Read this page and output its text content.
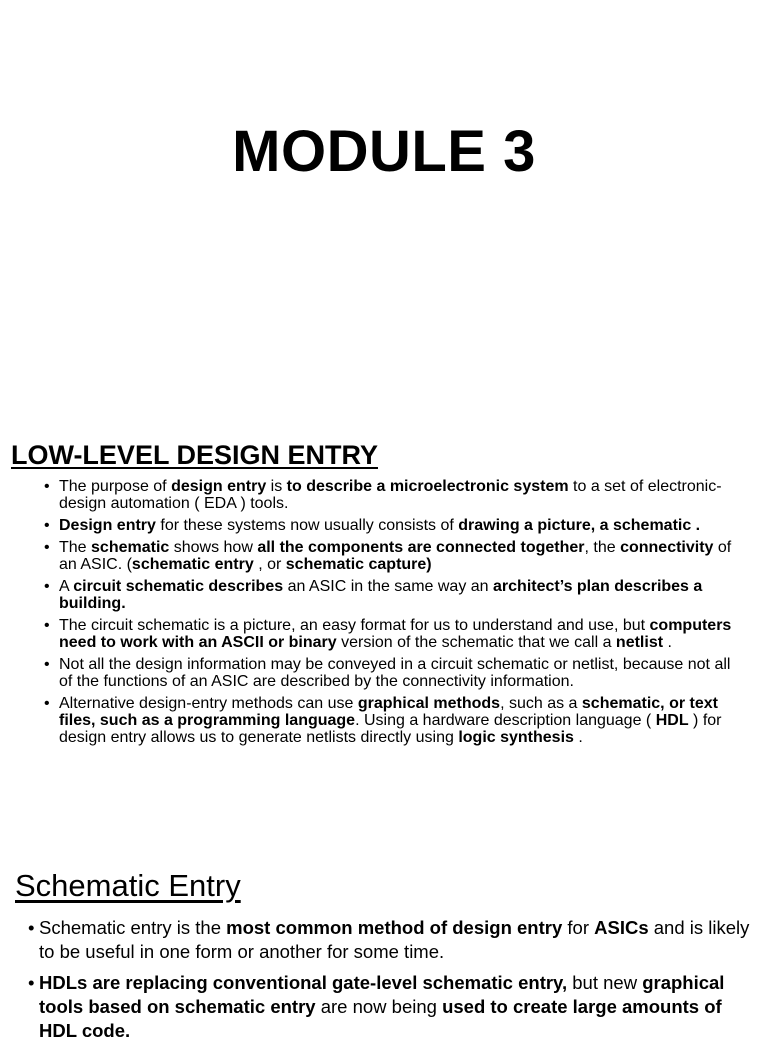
MODULE 3
LOW-LEVEL DESIGN ENTRY
• The purpose of design entry is to describe a microelectronic system to a set of electronic-design automation ( EDA ) tools.
• Design entry for these systems now usually consists of drawing a picture, a schematic .
• The schematic shows how all the components are connected together, the connectivity of an ASIC. (schematic entry , or schematic capture)
• A circuit schematic describes an ASIC in the same way an architect’s plan describes a building.
• The circuit schematic is a picture, an easy format for us to understand and use, but computers need to work with an ASCII or binary version of the schematic that we call a netlist .
• Not all the design information may be conveyed in a circuit schematic or netlist, because not all of the functions of an ASIC are described by the connectivity information.
• Alternative design-entry methods can use graphical methods, such as a schematic, or text files, such as a programming language. Using a hardware description language ( HDL ) for design entry allows us to generate netlists directly using logic synthesis .
Schematic Entry
• Schematic entry is the most common method of design entry for ASICs and is likely to be useful in one form or another for some time.
• HDLs are replacing conventional gate-level schematic entry, but new graphical tools based on schematic entry are now being used to create large amounts of HDL code.
